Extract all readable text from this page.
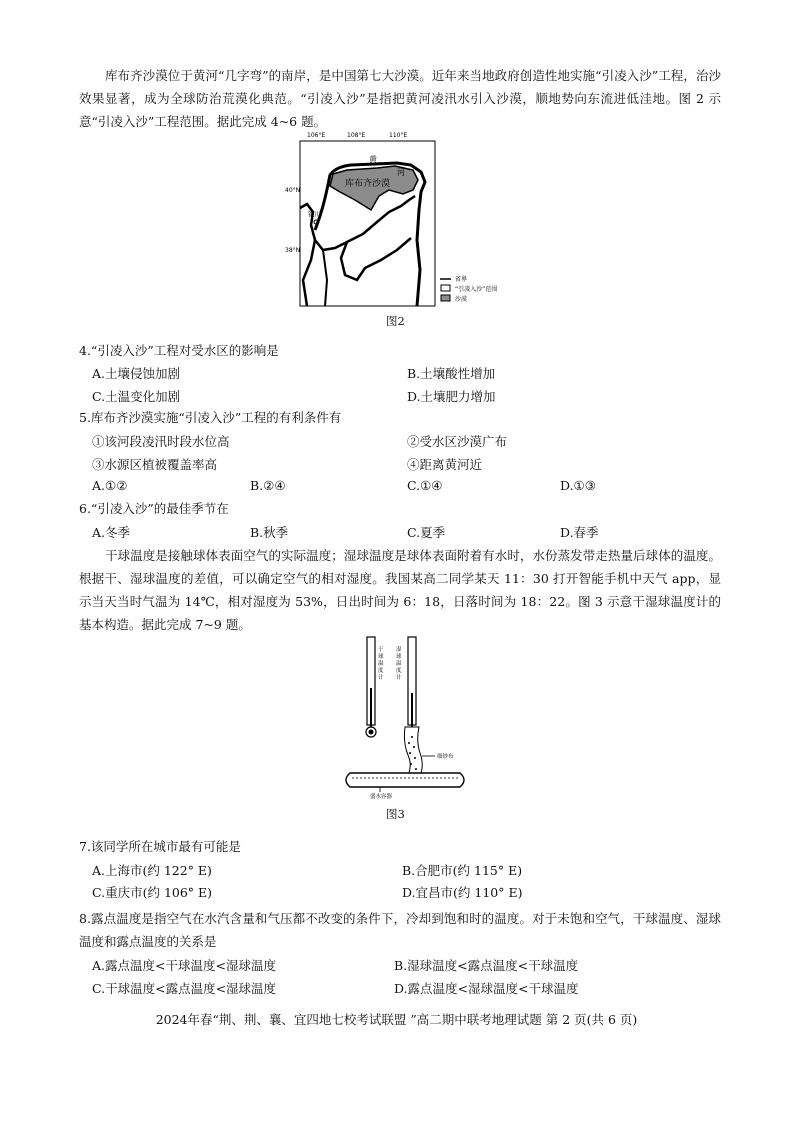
库布齐沙漠位于黄河“几字弯”的南岸，是中国第七大沙漠。近年来当地政府创造性地实施“引凌入沙”工程，治沙效果显著，成为全球防治荒漠化典范。“引凌入沙”是指把黄河凌汛水引入沙漠，顺地势向东流进低洼地。图 2 示意“引凌入沙”工程范围。据此完成 4~6 题。
106°E	108°E	110°E
40°N
38°N
黄
河
库布齐沙漠
银川
省界
“引凌入沙”范围
沙漠
图2
4.“引凌入沙”工程对受水区的影响是
A.土壤侵蚀加剧	B.土壤酸性增加
C.土温变化加剧	D.土壤肥力增加
5.库布齐沙漠实施“引凌入沙”工程的有利条件有
①该河段凌汛时段水位高	②受水区沙漠广布
③水源区植被覆盖率高	④距离黄河近
A.①②	B.②④	C.①④	D.①③
6.“引凌入沙”的最佳季节在
A.冬季	B.秋季	C.夏季	D.春季
干球温度是接触球体表面空气的实际温度；湿球温度是球体表面附着有水时，水份蒸发带走热量后球体的温度。根据干、湿球温度的差值，可以确定空气的相对湿度。我国某高二同学某天 11：30 打开智能手机中天气 app，显示当天当时气温为 14℃，相对湿度为 53%，日出时间为 6：18，日落时间为 18：22。图 3 示意干湿球温度计的基本构造。据此完成 7~9 题。
干球温度计
湿球温度计
细纱布
盛水容器
图3
7.该同学所在城市最有可能是
A.上海市(约 122° E)	B.合肥市(约 115° E)
C.重庆市(约 106° E)	D.宜昌市(约 110° E)
8.露点温度是指空气在水汽含量和气压都不改变的条件下，冷却到饱和时的温度。对于未饱和空气，干球温度、湿球温度和露点温度的关系是
A.露点温度<干球温度<湿球温度	B.湿球温度<露点温度<干球温度
C.干球温度<露点温度<湿球温度	D.露点温度<湿球温度<干球温度
2024年春“荆、荆、襄、宜四地七校考试联盟 ”高二期中联考地理试题 第 2 页(共 6 页)
